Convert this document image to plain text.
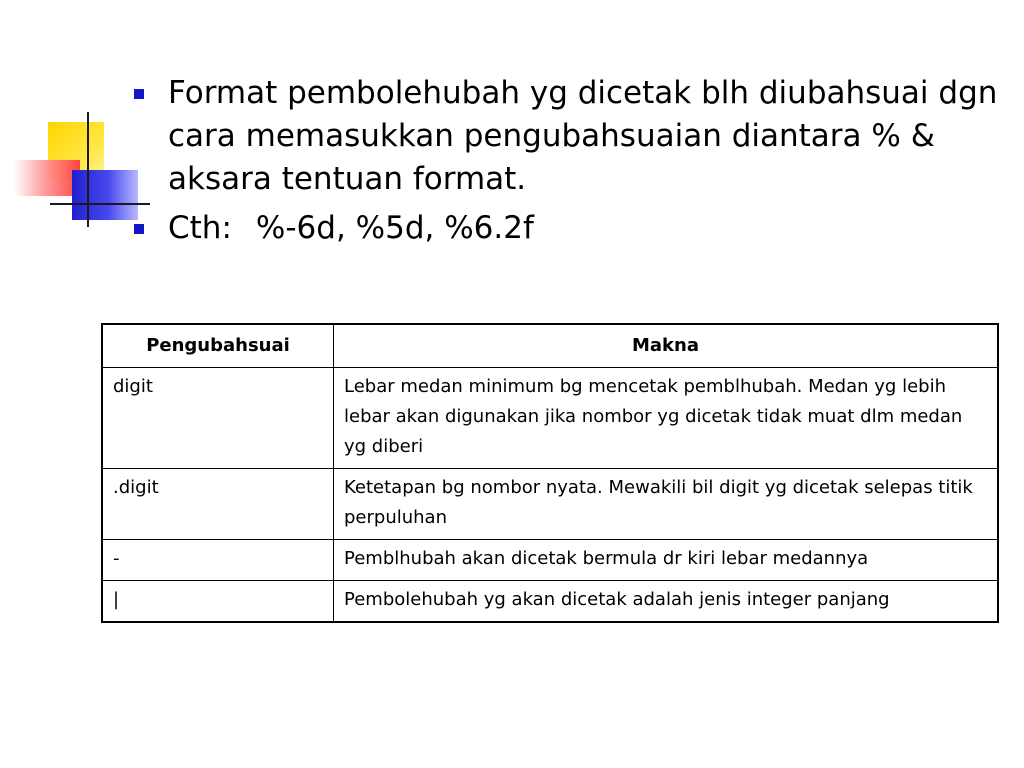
Format pembolehubah yg dicetak blh diubahsuai dgn cara memasukkan pengubahsuaian diantara % & aksara tentuan format.
Cth: %-6d, %5d, %6.2f
Pengubahsuai	Makna
digit	Lebar medan minimum bg mencetak pemblhubah. Medan yg lebih lebar akan digunakan jika nombor yg dicetak tidak muat dlm medan yg diberi
.digit	Ketetapan bg nombor nyata. Mewakili bil digit yg dicetak selepas titik perpuluhan
-	Pemblhubah akan dicetak bermula dr kiri lebar medannya
|	Pembolehubah yg akan dicetak adalah jenis integer panjang
